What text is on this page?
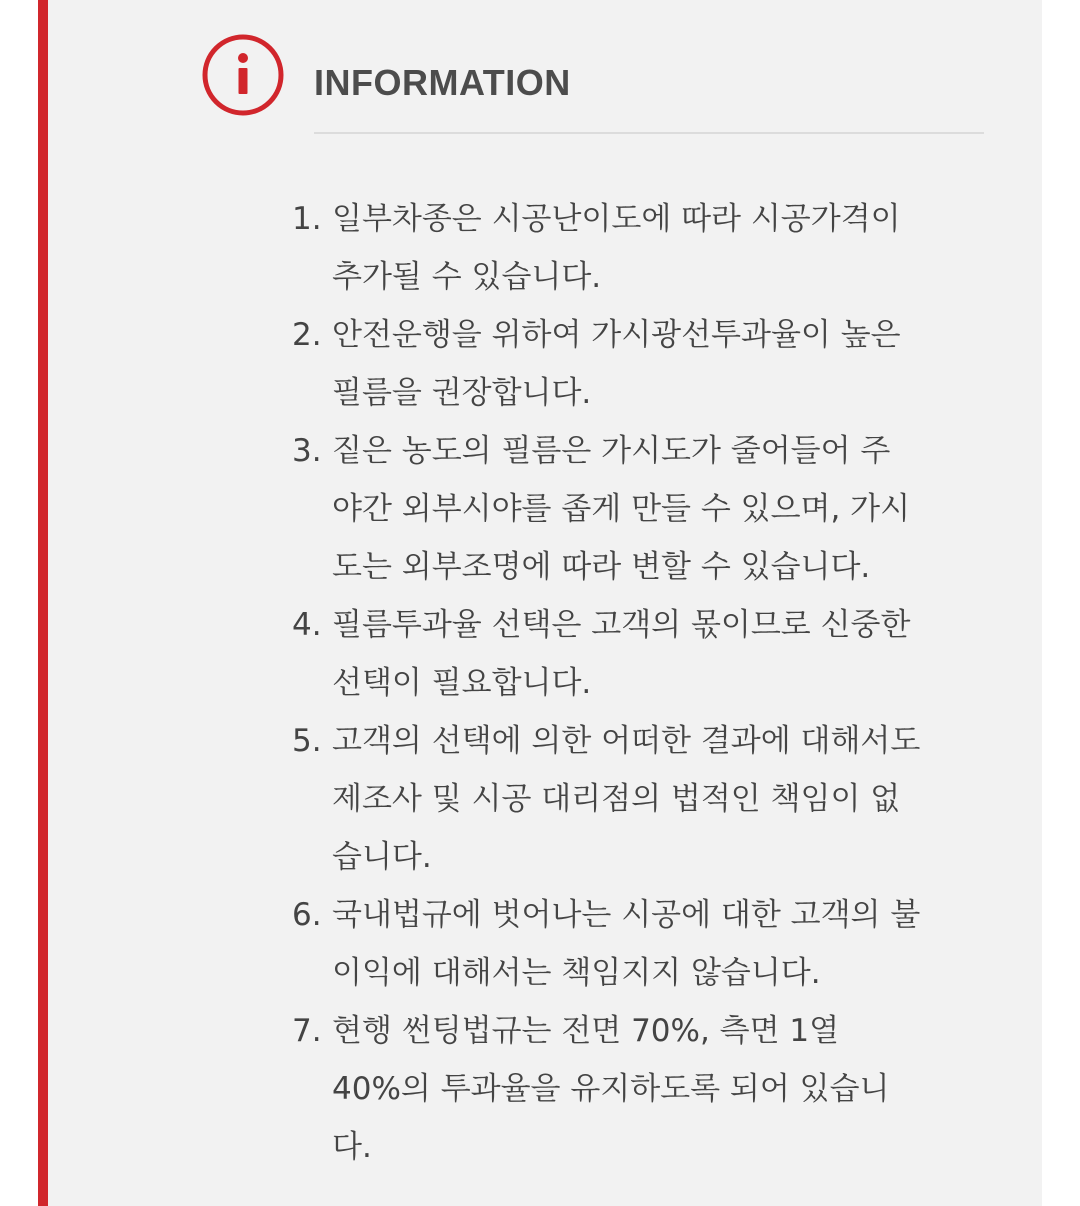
INFORMATION
1. 일부차종은 시공난이도에 따라 시공가격이
추가될 수 있습니다.
2. 안전운행을 위하여 가시광선투과율이 높은
필름을 권장합니다.
3. 짙은 농도의 필름은 가시도가 줄어들어 주
야간 외부시야를 좁게 만들 수 있으며, 가시
도는 외부조명에 따라 변할 수 있습니다.
4. 필름투과율 선택은 고객의 몫이므로 신중한
선택이 필요합니다.
5. 고객의 선택에 의한 어떠한 결과에 대해서도
제조사 및 시공 대리점의 법적인 책임이 없
습니다.
6. 국내법규에 벗어나는 시공에 대한 고객의 불
이익에 대해서는 책임지지 않습니다.
7. 현행 썬팅법규는 전면 70%, 측면 1열
40%의 투과율을 유지하도록 되어 있습니
다.
